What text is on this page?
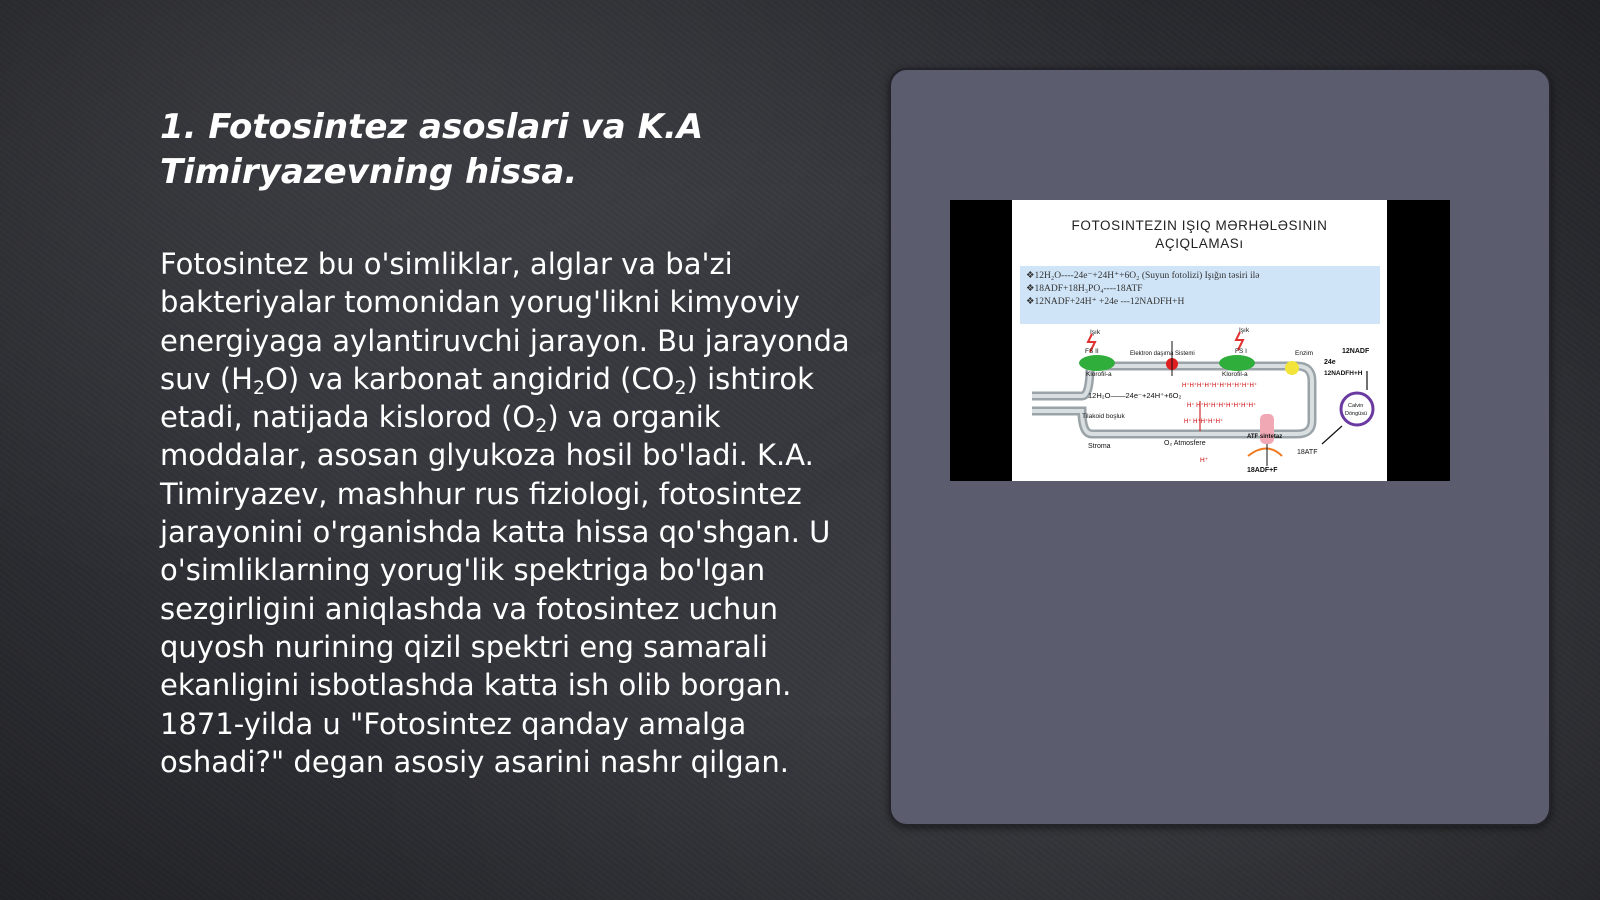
1. Fotosintez asoslari va K.A Timiryazevning hissa.

Fotosintez bu o'simliklar, alglar va ba'zi bakteriyalar tomonidan yorug'likni kimyoviy energiyaga aylantiruvchi jarayon. Bu jarayonda suv $(H_2O)$ va karbonat angidrid $(CO_2)$ ishtirok etadi, natijada kislorod $(O_2)$ va organik moddalar, asosan glyukoza hosil bo'ladi. K.A. Timiryazev, mashhur rus fiziologi, fotosintez jarayonini o'rganishda katta hissa qo'shgan. U o'simliklarning yorug'lik spektriga bo'lgan sezgirligini aniqlashda va fotosintez uchun quyosh nurining qizil spektri eng samarali ekanligini isbotlashda katta ish olib borgan. 1871-yilda u "Fotosintez qanday amalga oshadi?" degan asosiy asarini nashr qilgan.

FOTOSINTEZIN IŞIQ MƏRHƏLƏSININ
AÇIQLAMASı
❖12H₂O----24e⁻+24H⁺+6O₂ (Suyun fotolizi) Işığın təsiri ilə
❖18ADF+18H₃PO₄----18ATF
❖12NADF+24H⁺ +24e ---12NADFH+H
Işık	Işık
FS II	FS I
Elektron daşıma Sistemi	Enzim	12NADF
24e
12NADFH+H
Klorofil-a	Klorofil-a
H⁺H⁺H⁺H⁺H⁺H⁺H⁺H⁺H⁺H⁺
12H₂O——24e⁻+24H⁺+6O₂
H⁺ H⁺H⁺H⁺H⁺H⁺H⁺H⁺H⁺
Tilakoid boşluk
H⁺ H⁺H⁺H⁺H⁺
ATF sintetaz
Calvin
Döngüsü
Stroma	O₂ Atmosfere
H⁺
18ATF
18ADF+F
